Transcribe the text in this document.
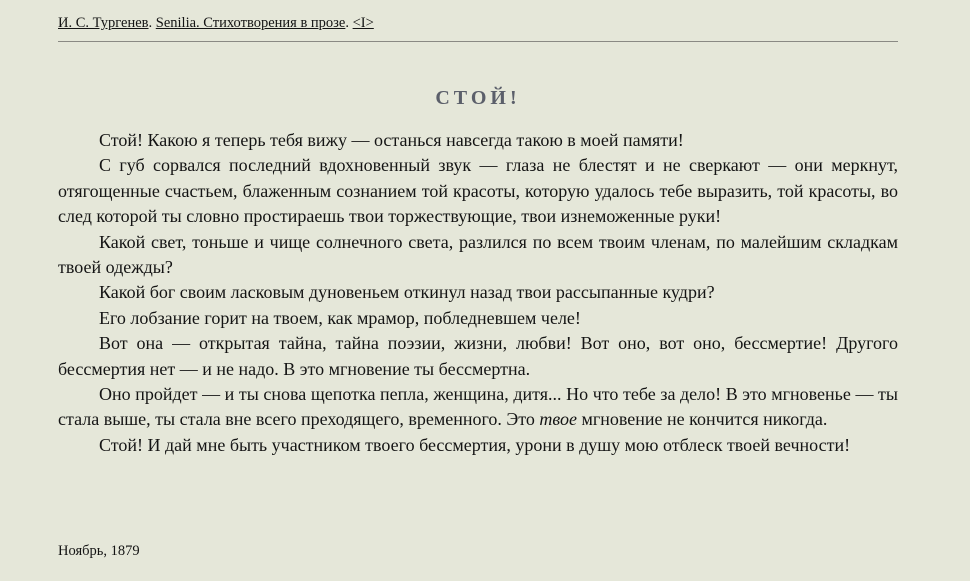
И. С. Тургенев. Senilia. Стихотворения в прозе. <I>
СТОЙ!

Стой! Какою я теперь тебя вижу — останься навсегда такою в моей памяти!

С губ сорвался последний вдохновенный звук — глаза не блестят и не сверкают — они меркнут, отягощенные счастьем, блаженным сознанием той красоты, которую удалось тебе выразить, той красоты, во след которой ты словно простираешь твои торжествующие, твои изнеможенные руки!

Какой свет, тоньше и чище солнечного света, разлился по всем твоим членам, по малейшим складкам твоей одежды?

Какой бог своим ласковым дуновеньем откинул назад твои рассыпанные кудри?

Его лобзание горит на твоем, как мрамор, побледневшем челе!

Вот она — открытая тайна, тайна поэзии, жизни, любви! Вот оно, вот оно, бессмертие! Другого бессмертия нет — и не надо. В это мгновение ты бессмертна.

Оно пройдет — и ты снова щепотка пепла, женщина, дитя... Но что тебе за дело! В это мгновенье — ты стала выше, ты стала вне всего преходящего, временного. Это твое мгновение не кончится никогда.

Стой! И дай мне быть участником твоего бессмертия, урони в душу мою отблеск твоей вечности!

Ноябрь, 1879
